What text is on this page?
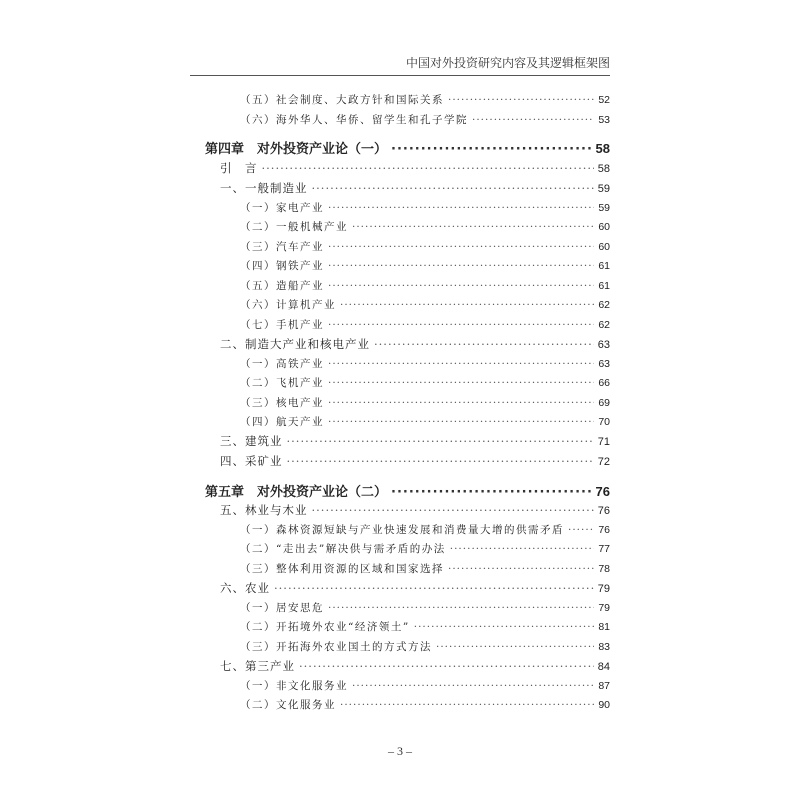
中国对外投资研究内容及其逻辑框架图
（五）社会制度、大政方针和国际关系 ·····	52
（六）海外华人、华侨、留学生和孔子学院 ·····	53
第四章　对外投资产业论（一） ·····	58
引　言 ·····	58
一、一般制造业 ·····	59
（一）家电产业 ·····	59
（二）一般机械产业 ·····	60
（三）汽车产业 ·····	60
（四）钢铁产业 ·····	61
（五）造船产业 ·····	61
（六）计算机产业 ·····	62
（七）手机产业 ·····	62
二、制造大产业和核电产业 ·····	63
（一）高铁产业 ·····	63
（二）飞机产业 ·····	66
（三）核电产业 ·····	69
（四）航天产业 ·····	70
三、建筑业 ·····	71
四、采矿业 ·····	72
第五章　对外投资产业论（二） ·····	76
五、林业与木业 ·····	76
（一）森林资源短缺与产业快速发展和消费量大增的供需矛盾 ·····	76
（二）“走出去”解决供与需矛盾的办法 ·····	77
（三）整体利用资源的区域和国家选择 ·····	78
六、农业 ·····	79
（一）居安思危 ·····	79
（二）开拓境外农业“经济领土” ·····	81
（三）开拓海外农业国土的方式方法 ·····	83
七、第三产业 ·····	84
（一）非文化服务业 ·····	87
（二）文化服务业 ·····	90
– 3 –
